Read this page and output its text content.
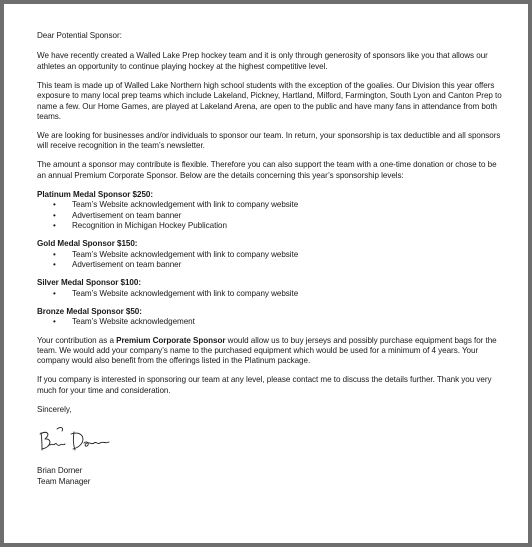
Dear Potential Sponsor:

We have recently created a Walled Lake Prep hockey team and it is only through generosity of sponsors like you that allows our athletes an opportunity to continue playing hockey at the highest competitive level.

This team is made up of Walled Lake Northern high school students with the exception of the goalies. Our Division this year offers exposure to many local prep teams which include Lakeland, Pickney, Hartland, Milford, Farmington, South Lyon and Canton Prep to name a few. Our Home Games, are played at Lakeland Arena, are open to the public and have many fans in attendance from both teams.

We are looking for businesses and/or individuals to sponsor our team. In return, your sponsorship is tax deductible and all sponsors will receive recognition in the team’s newsletter.

The amount a sponsor may contribute is flexible. Therefore you can also support the team with a one-time donation or chose to be an annual Premium Corporate Sponsor. Below are the details concerning this year’s sponsorship levels:

Platinum Medal Sponsor $250:
• Team’s Website acknowledgement with link to company website
• Advertisement on team banner
• Recognition in Michigan Hockey Publication
Gold Medal Sponsor $150:
• Team’s Website acknowledgement with link to company website
• Advertisement on team banner
Silver Medal Sponsor $100:
• Team’s Website acknowledgement with link to company website
Bronze Medal Sponsor $50:
• Team’s Website acknowledgement

Your contribution as a Premium Corporate Sponsor would allow us to buy jerseys and possibly purchase equipment bags for the team. We would add your company’s name to the purchased equipment which would be used for a minimum of 4 years. Your company would also benefit from the offerings listed in the Platinum package.

If you company is interested in sponsoring our team at any level, please contact me to discuss the details further. Thank you very much for your time and consideration.

Sincerely,

Brian Dorner

Team Manager
